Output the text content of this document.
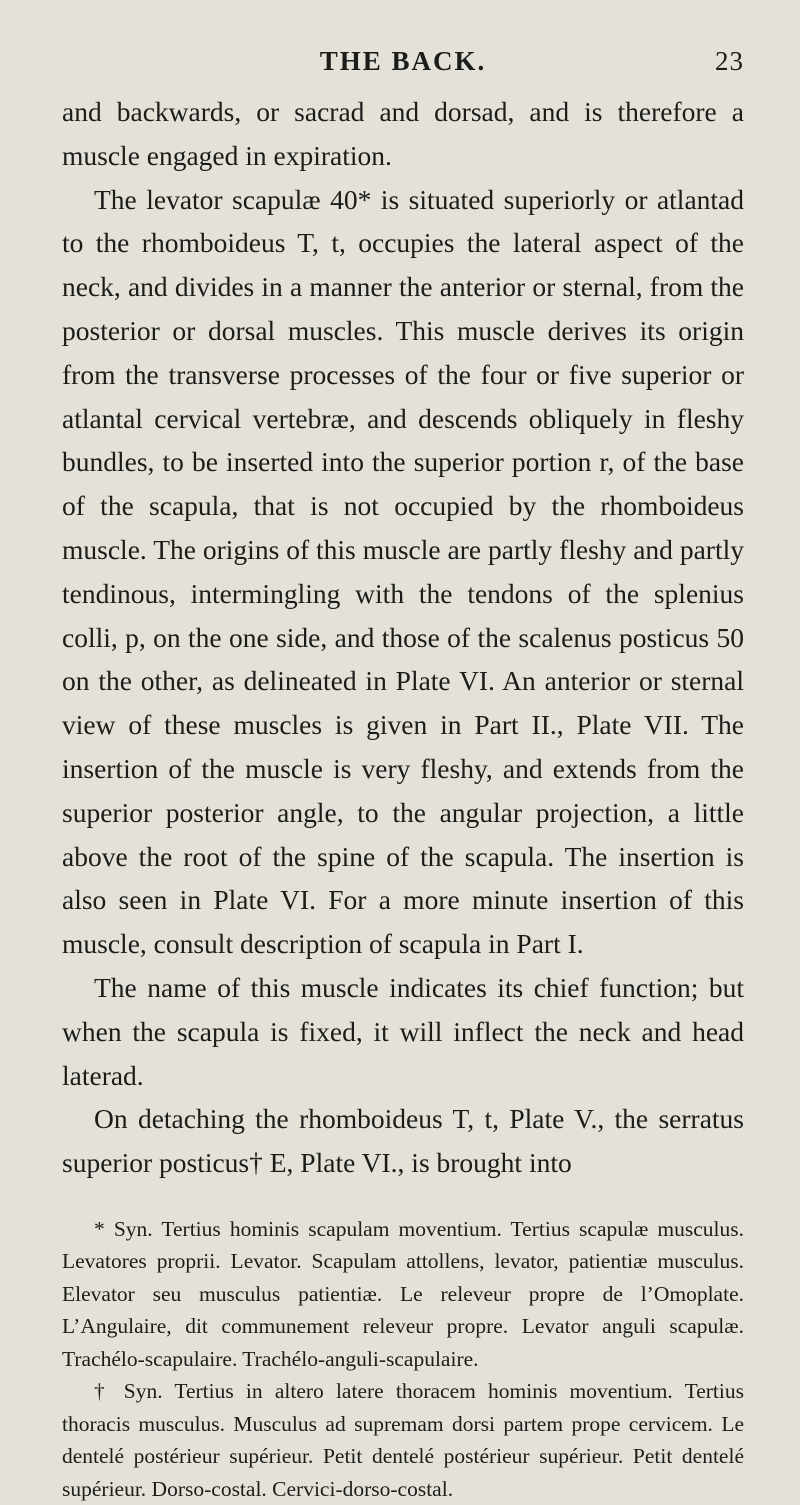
THE BACK.	23

and backwards, or sacrad and dorsad, and is therefore a muscle engaged in expiration.

The levator scapulæ 40* is situated superiorly or atlantad to the rhomboideus T, t, occupies the lateral aspect of the neck, and divides in a manner the anterior or sternal, from the posterior or dorsal muscles. This muscle derives its origin from the transverse processes of the four or five superior or atlantal cervical vertebræ, and descends obliquely in fleshy bundles, to be inserted into the superior portion r, of the base of the scapula, that is not occupied by the rhomboideus muscle. The origins of this muscle are partly fleshy and partly tendinous, intermingling with the tendons of the splenius colli, p, on the one side, and those of the scalenus posticus 50 on the other, as delineated in Plate VI. An anterior or sternal view of these muscles is given in Part II., Plate VII. The insertion of the muscle is very fleshy, and extends from the superior posterior angle, to the angular projection, a little above the root of the spine of the scapula. The insertion is also seen in Plate VI. For a more minute insertion of this muscle, consult description of scapula in Part I.

The name of this muscle indicates its chief function; but when the scapula is fixed, it will inflect the neck and head laterad.

On detaching the rhomboideus T, t, Plate V., the serratus superior posticus† E, Plate VI., is brought into

* Syn. Tertius hominis scapulam moventium. Tertius scapulæ musculus. Levatores proprii. Levator. Scapulam attollens, levator, patientiæ musculus. Elevator seu musculus patientiæ. Le releveur propre de l’Omoplate. L’Angulaire, dit communement releveur propre. Levator anguli scapulæ. Trachélo-scapulaire. Trachélo-anguli-scapulaire.

† Syn. Tertius in altero latere thoracem hominis moventium. Tertius thoracis musculus. Musculus ad supremam dorsi partem prope cervicem. Le dentelé postérieur supérieur. Petit dentelé postérieur supérieur. Petit dentelé supérieur. Dorso-costal. Cervici-dorso-costal.
